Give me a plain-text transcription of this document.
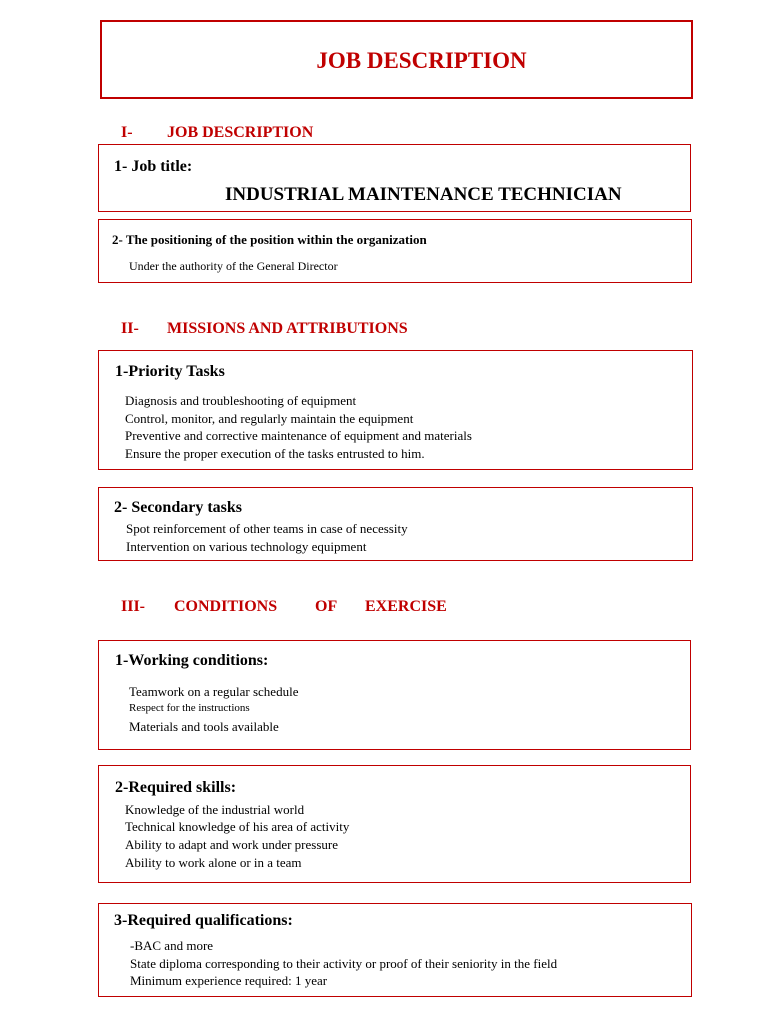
JOB DESCRIPTION
I- JOB DESCRIPTION
1- Job title:
INDUSTRIAL MAINTENANCE TECHNICIAN
2- The positioning of the position within the organization
Under the authority of the General Director
II- MISSIONS AND ATTRIBUTIONS
1-Priority Tasks
Diagnosis and troubleshooting of equipment
Control, monitor, and regularly maintain the equipment
Preventive and corrective maintenance of equipment and materials
Ensure the proper execution of the tasks entrusted to him.
2- Secondary tasks
Spot reinforcement of other teams in case of necessity
Intervention on various technology equipment
III- CONDITIONS OF EXERCISE
1-Working conditions:
Teamwork on a regular schedule
Respect for the instructions
Materials and tools available
2-Required skills:
Knowledge of the industrial world
Technical knowledge of his area of activity
Ability to adapt and work under pressure
Ability to work alone or in a team
3-Required qualifications:
-BAC and more
State diploma corresponding to their activity or proof of their seniority in the field
Minimum experience required: 1 year
